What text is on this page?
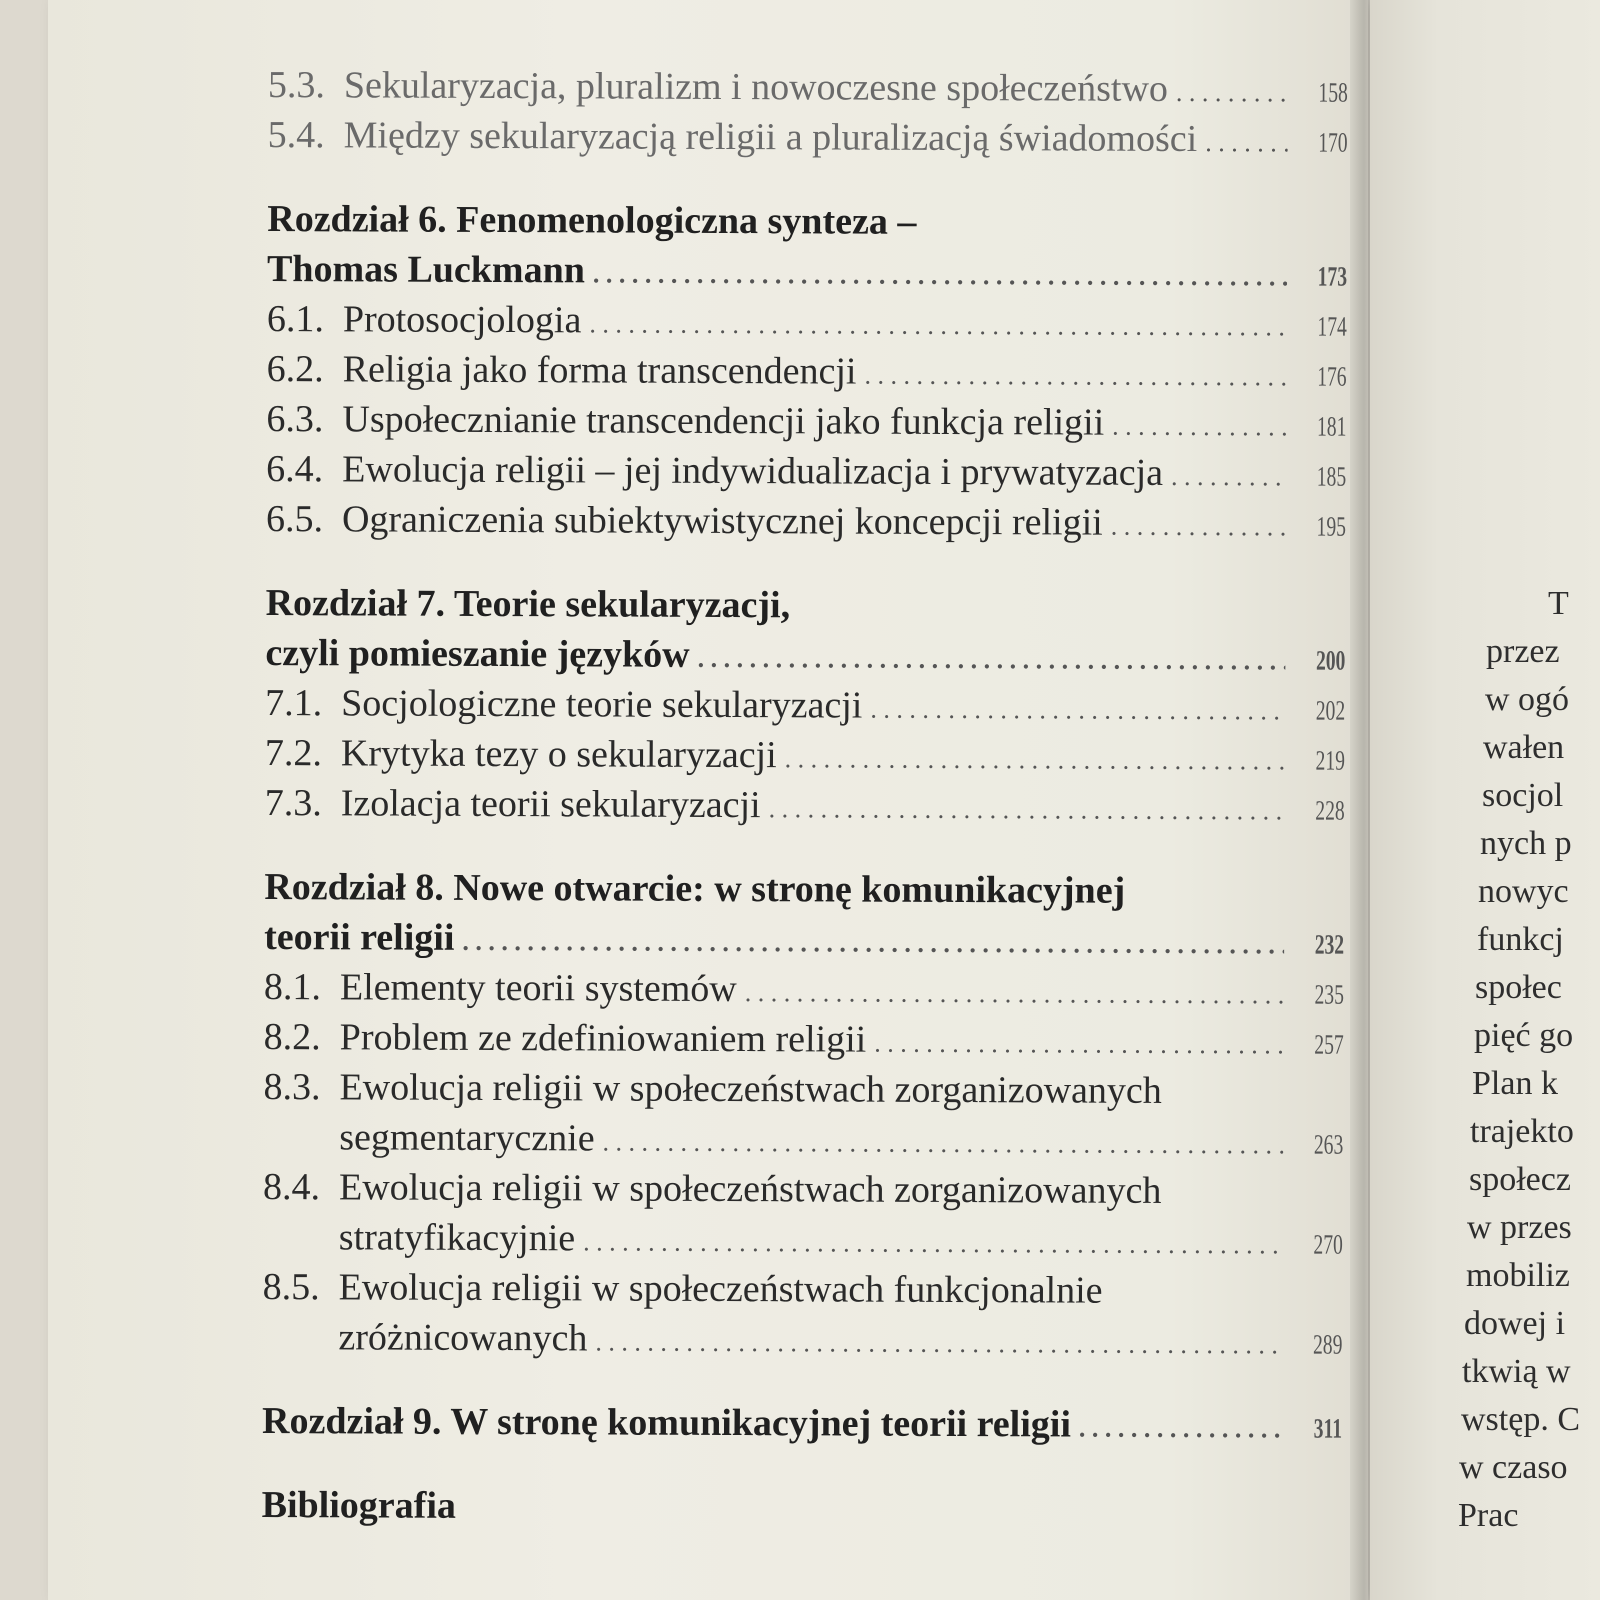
5.3. Sekularyzacja, pluralizm i nowoczesne społeczeństwo . . .	158
5.4. Między sekularyzacją religii a pluralizacją świadomości . . .	170
Rozdział 6. Fenomenologiczna synteza –
Thomas Luckmann . . .	173
6.1. Protosocjologia . . .	174
6.2. Religia jako forma transcendencji . . .	176
6.3. Uspołecznianie transcendencji jako funkcja religii . . .	181
6.4. Ewolucja religii – jej indywidualizacja i prywatyzacja . . .	185
6.5. Ograniczenia subiektywistycznej koncepcji religii . . .	195
Rozdział 7. Teorie sekularyzacji,
czyli pomieszanie języków . . .	200
7.1. Socjologiczne teorie sekularyzacji . . .	202
7.2. Krytyka tezy o sekularyzacji . . .	219
7.3. Izolacja teorii sekularyzacji . . .	228
Rozdział 8. Nowe otwarcie: w stronę komunikacyjnej
teorii religii . . .	232
8.1. Elementy teorii systemów . . .	235
8.2. Problem ze zdefiniowaniem religii . . .	257
8.3. Ewolucja religii w społeczeństwach zorganizowanych
segmentarycznie . . .	263
8.4. Ewolucja religii w społeczeństwach zorganizowanych
stratyfikacyjnie . . .	270
8.5. Ewolucja religii w społeczeństwach funkcjonalnie
zróżnicowanych . . .	289
Rozdział 9. W stronę komunikacyjnej teorii religii . . .	311
Bibliografia
T
przez
w ogó
wałen
socjol
nych p
nowyc
funkcj
społec
pięć go
Plan k
trajekto
społecz
w przes
mobiliz
dowej i
tkwią w
wstęp. C
w czaso
Prac
